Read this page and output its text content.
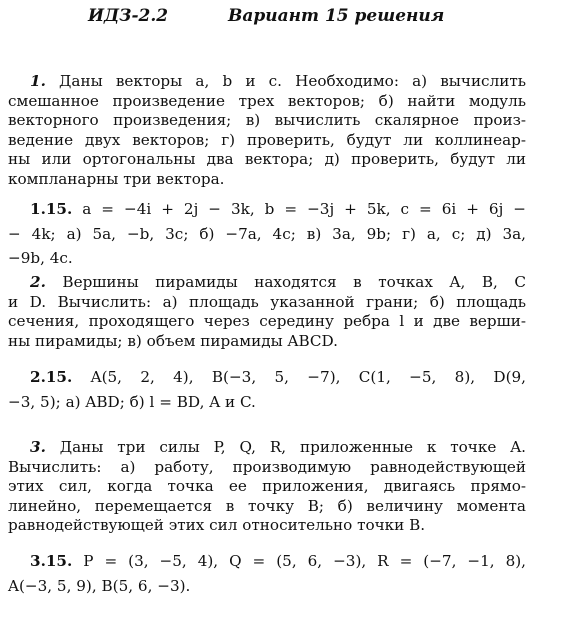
ИДЗ-2.2	Вариант 15 решения
1. Даны векторы a, b и c. Необходимо: а) вычислить
смешанное произведение трех векторов; б) найти модуль
векторного произведения; в) вычислить скалярное произ-
ведение двух векторов; г) проверить, будут ли коллинеар-
ны или ортогональны два вектора; д) проверить, будут ли
компланарны три вектора.
1.15. a = −4i + 2j − 3k, b = −3j + 5k, c = 6i + 6j −
− 4k; а) 5a, −b, 3c; б) −7a, 4c; в) 3a, 9b; г) a, c; д) 3a,
−9b, 4c.
2. Вершины пирамиды находятся в точках A, B, C
и D. Вычислить: а) площадь указанной грани; б) площадь
сечения, проходящего через середину ребра l и две верши-
ны пирамиды; в) объем пирамиды ABCD.
2.15. A(5, 2, 4), B(−3, 5, −7), C(1, −5, 8), D(9,
−3, 5); а) ABD; б) l = BD, A и C.
3. Даны три силы P, Q, R, приложенные к точке A.
Вычислить: а) работу, производимую равнодействующей
этих сил, когда точка ее приложения, двигаясь прямо-
линейно, перемещается в точку B; б) величину момента
равнодействующей этих сил относительно точки B.
3.15. P = (3, −5, 4), Q = (5, 6, −3), R = (−7, −1, 8),
A(−3, 5, 9), B(5, 6, −3).
